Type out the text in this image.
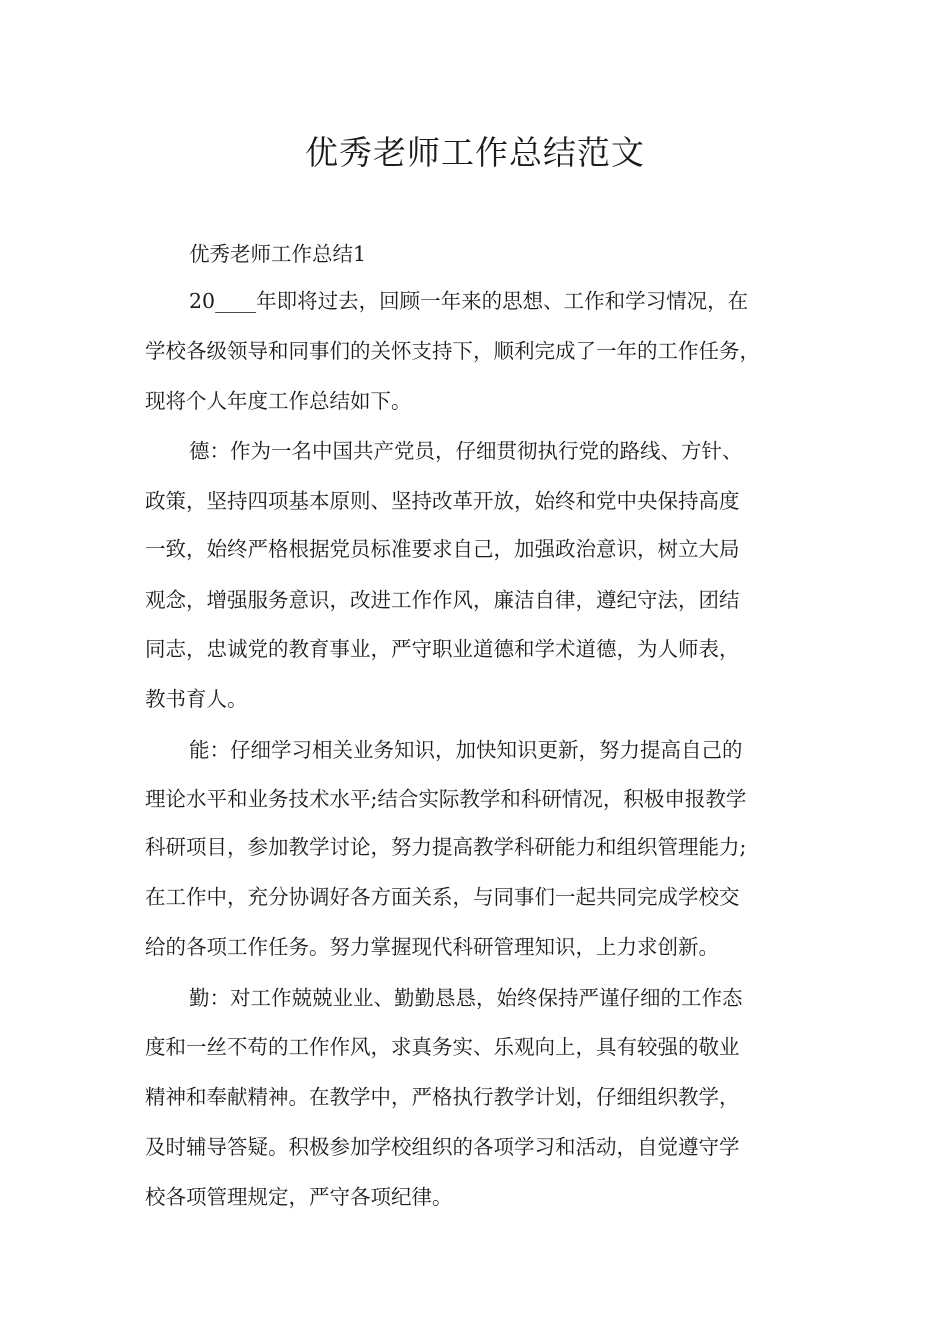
优秀老师工作总结范文

优秀老师工作总结1

20____年即将过去，回顾一年来的思想、工作和学习情况，在

学校各级领导和同事们的关怀支持下，顺利完成了一年的工作任务，

现将个人年度工作总结如下。

德：作为一名中国共产党员，仔细贯彻执行党的路线、方针、

政策，坚持四项基本原则、坚持改革开放，始终和党中央保持高度

一致，始终严格根据党员标准要求自己，加强政治意识，树立大局

观念，增强服务意识，改进工作作风，廉洁自律，遵纪守法，团结

同志，忠诚党的教育事业，严守职业道德和学术道德，为人师表，

教书育人。

能：仔细学习相关业务知识，加快知识更新，努力提高自己的

理论水平和业务技术水平;结合实际教学和科研情况，积极申报教学

科研项目，参加教学讨论，努力提高教学科研能力和组织管理能力;

在工作中，充分协调好各方面关系，与同事们一起共同完成学校交

给的各项工作任务。努力掌握现代科研管理知识，上力求创新。

勤：对工作兢兢业业、勤勤恳恳，始终保持严谨仔细的工作态

度和一丝不苟的工作作风，求真务实、乐观向上，具有较强的敬业

精神和奉献精神。在教学中，严格执行教学计划，仔细组织教学，

及时辅导答疑。积极参加学校组织的各项学习和活动，自觉遵守学

校各项管理规定，严守各项纪律。
